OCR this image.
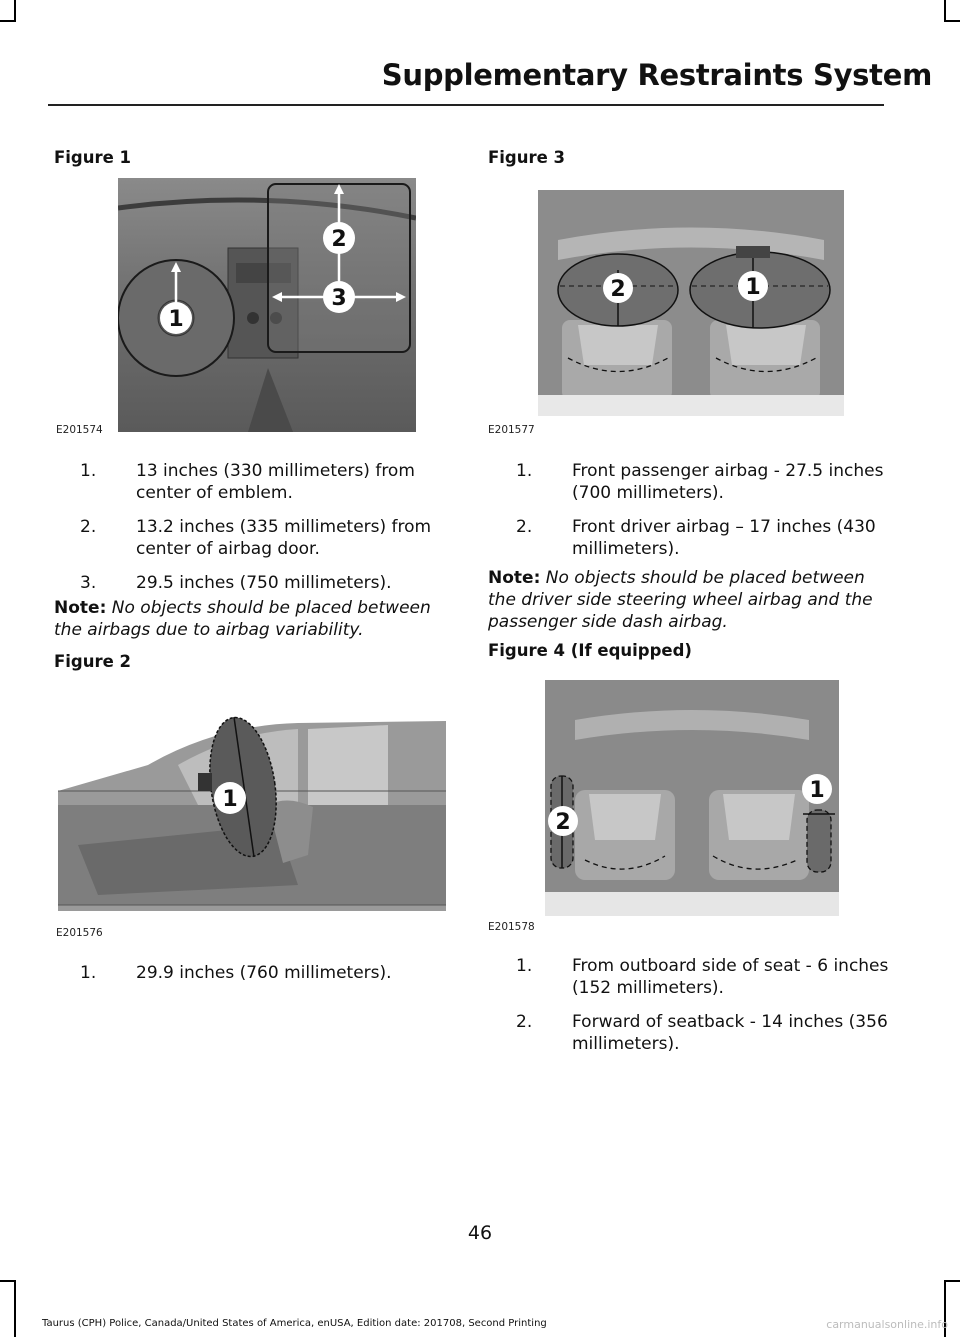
Supplementary Restraints System
Figure 1
2
3
1
E201574
1. 13 inches (330 millimeters) from center of emblem.
2. 13.2 inches (335 millimeters) from center of airbag door.
3. 29.5 inches (750 millimeters).
Note: No objects should be placed between the airbags due to airbag variability.
Figure 2
1
E201576
1. 29.9 inches (760 millimeters).
Figure 3
2	1
E201577
1. Front passenger airbag - 27.5 inches (700 millimeters).
2. Front driver airbag – 17 inches (430 millimeters).
Note: No objects should be placed between the driver side steering wheel airbag and the passenger side dash airbag.
Figure 4 (If equipped)
2
1
E201578
1. From outboard side of seat - 6 inches (152 millimeters).
2. Forward of seatback - 14 inches (356 millimeters).
46
Taurus (CPH) Police, Canada/United States of America, enUSA, Edition date: 201708, Second Printing	carmanualsonline.info
